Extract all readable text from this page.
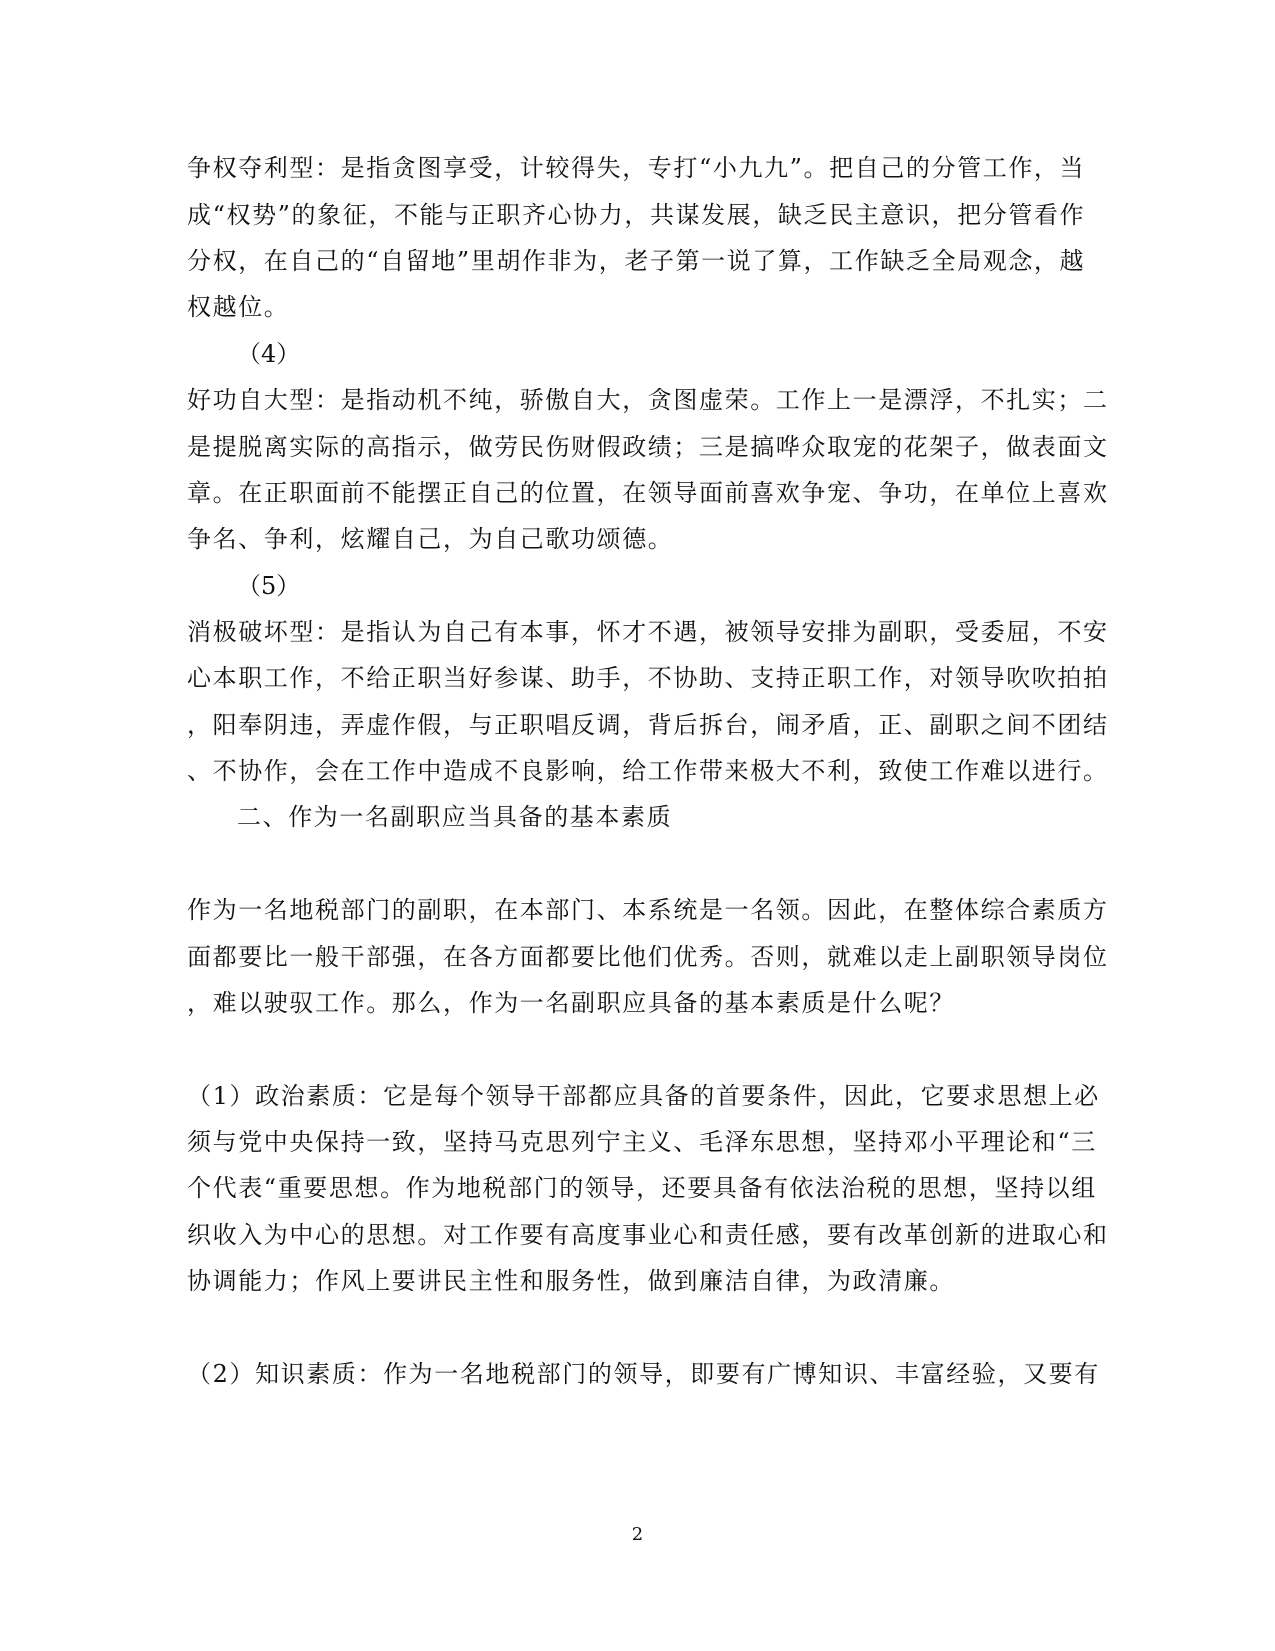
争权夺利型：是指贪图享受，计较得失，专打“小九九”。把自己的分管工作，当

成“权势”的象征，不能与正职齐心协力，共谋发展，缺乏民主意识，把分管看作

分权，在自己的“自留地”里胡作非为，老子第一说了算，工作缺乏全局观念，越

权越位。

（4）

好功自大型：是指动机不纯，骄傲自大，贪图虚荣。工作上一是漂浮，不扎实；二

是提脱离实际的高指示，做劳民伤财假政绩；三是搞哗众取宠的花架子，做表面文

章。在正职面前不能摆正自己的位置，在领导面前喜欢争宠、争功，在单位上喜欢

争名、争利，炫耀自己，为自己歌功颂德。

（5）

消极破坏型：是指认为自己有本事，怀才不遇，被领导安排为副职，受委屈，不安

心本职工作，不给正职当好参谋、助手，不协助、支持正职工作，对领导吹吹拍拍

，阳奉阴违，弄虚作假，与正职唱反调，背后拆台，闹矛盾，正、副职之间不团结

、不协作，会在工作中造成不良影响，给工作带来极大不利，致使工作难以进行。

二、作为一名副职应当具备的基本素质

作为一名地税部门的副职，在本部门、本系统是一名领。因此，在整体综合素质方

面都要比一般干部强，在各方面都要比他们优秀。否则，就难以走上副职领导岗位

，难以驶驭工作。那么，作为一名副职应具备的基本素质是什么呢？

（1）政治素质：它是每个领导干部都应具备的首要条件，因此，它要求思想上必

须与党中央保持一致，坚持马克思列宁主义、毛泽东思想，坚持邓小平理论和“三

个代表“重要思想。作为地税部门的领导，还要具备有依法治税的思想，坚持以组

织收入为中心的思想。对工作要有高度事业心和责任感，要有改革创新的进取心和

协调能力；作风上要讲民主性和服务性，做到廉洁自律，为政清廉。

（2）知识素质：作为一名地税部门的领导，即要有广博知识、丰富经验，又要有

2
